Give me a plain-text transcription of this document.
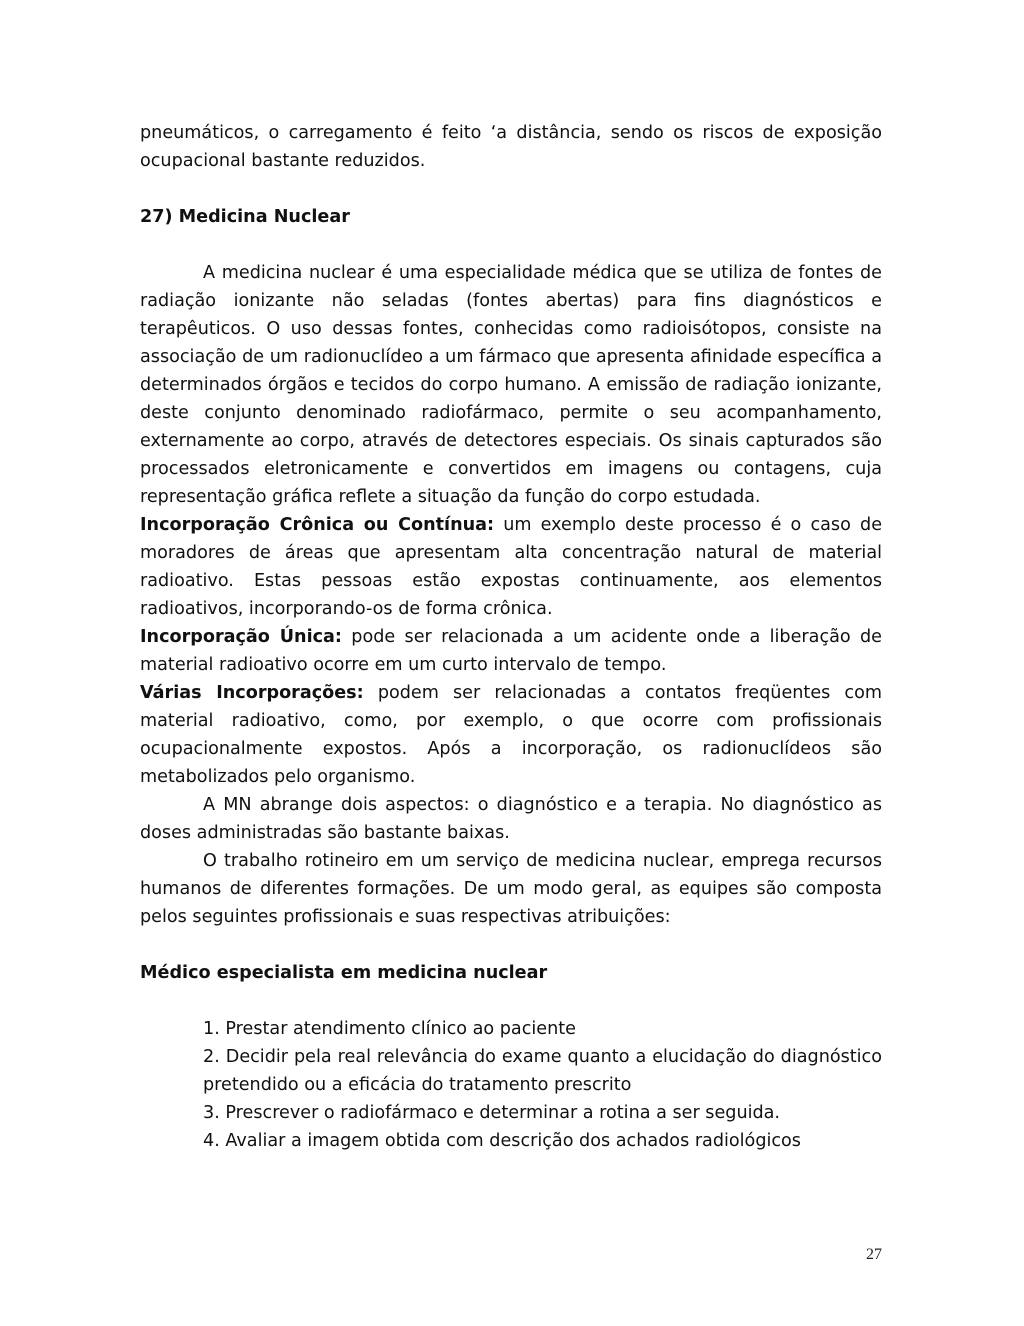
pneumáticos, o carregamento é feito ‘a distância, sendo os riscos de exposição ocupacional bastante reduzidos.

27) Medicina Nuclear

A medicina nuclear é uma especialidade médica que se utiliza de fontes de radiação ionizante não seladas (fontes abertas) para fins diagnósticos e terapêuticos. O uso dessas fontes, conhecidas como radioisótopos, consiste na associação de um radionuclídeo a um fármaco que apresenta afinidade específica a determinados órgãos e tecidos do corpo humano. A emissão de radiação ionizante, deste conjunto denominado radiofármaco, permite o seu acompanhamento, externamente ao corpo, através de detectores especiais. Os sinais capturados são processados eletronicamente e convertidos em imagens ou contagens, cuja representação gráfica reflete a situação da função do corpo estudada.

Incorporação Crônica ou Contínua: um exemplo deste processo é o caso de moradores de áreas que apresentam alta concentração natural de material radioativo. Estas pessoas estão expostas continuamente, aos elementos radioativos, incorporando-os de forma crônica.

Incorporação Única: pode ser relacionada a um acidente onde a liberação de material radioativo ocorre em um curto intervalo de tempo.

Várias Incorporações: podem ser relacionadas a contatos freqüentes com material radioativo, como, por exemplo, o que ocorre com profissionais ocupacionalmente expostos. Após a incorporação, os radionuclídeos são metabolizados pelo organismo.

A MN abrange dois aspectos: o diagnóstico e a terapia. No diagnóstico as doses administradas são bastante baixas.

O trabalho rotineiro em um serviço de medicina nuclear, emprega recursos humanos de diferentes formações. De um modo geral, as equipes são composta pelos seguintes profissionais e suas respectivas atribuições:

Médico especialista em medicina nuclear

1. Prestar atendimento clínico ao paciente
2. Decidir pela real relevância do exame quanto a elucidação do diagnóstico pretendido ou a eficácia do tratamento prescrito
3. Prescrever o radiofármaco e determinar a rotina a ser seguida.
4. Avaliar a imagem obtida com descrição dos achados radiológicos
27
